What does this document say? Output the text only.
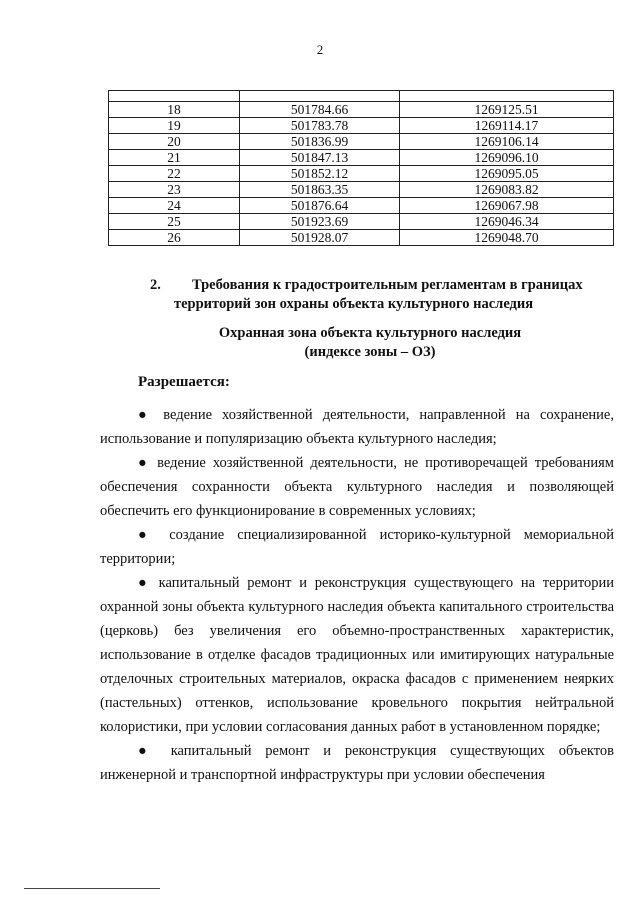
2

18	501784.66	1269125.51
19	501783.78	1269114.17
20	501836.99	1269106.14
21	501847.13	1269096.10
22	501852.12	1269095.05
23	501863.35	1269083.82
24	501876.64	1269067.98
25	501923.69	1269046.34
26	501928.07	1269048.70
2. Требования к градостроительным регламентам в границах
территорий зон охраны объекта культурного наследия
Охранная зона объекта культурного наследия
(индексе зоны – ОЗ)
Разрешается:

● ведение хозяйственной деятельности, направленной на сохранение, использование и популяризацию объекта культурного наследия;

● ведение хозяйственной деятельности, не противоречащей требованиям обеспечения сохранности объекта культурного наследия и позволяющей обеспечить его функционирование в современных условиях;

● создание специализированной историко-культурной мемориальной территории;

● капитальный ремонт и реконструкция существующего на территории охранной зоны объекта культурного наследия объекта капитального строительства (церковь) без увеличения его объемно-пространственных характеристик, использование в отделке фасадов традиционных или имитирующих натуральные отделочных строительных материалов, окраска фасадов с применением неярких (пастельных) оттенков, использование кровельного покрытия нейтральной колористики, при условии согласования данных работ в установленном порядке;

● капитальный ремонт и реконструкция существующих объектов инженерной и транспортной инфраструктуры при условии обеспечения
